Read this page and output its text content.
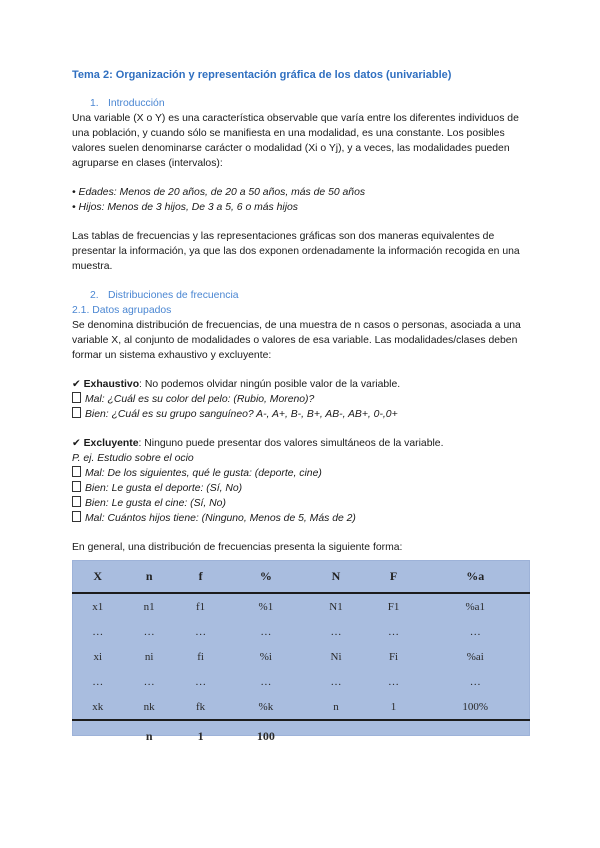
Tema 2: Organización y representación gráfica de los datos (univariable)

1. Introducción

Una variable (X o Y) es una característica observable que varía entre los diferentes individuos de una población, y cuando sólo se manifiesta en una modalidad, es una constante. Los posibles valores suelen denominarse carácter o modalidad (Xi o Yj), y a veces, las modalidades pueden agruparse en clases (intervalos):

• Edades: Menos de 20 años, de 20 a 50 años, más de 50 años

• Hijos: Menos de 3 hijos, De 3 a 5, 6 o más hijos

Las tablas de frecuencias y las representaciones gráficas son dos maneras equivalentes de presentar la información, ya que las dos exponen ordenadamente la información recogida en una muestra.

2. Distribuciones de frecuencia

2.1. Datos agrupados

Se denomina distribución de frecuencias, de una muestra de n casos o personas, asociada a una variable X, al conjunto de modalidades o valores de esa variable. Las modalidades/clases deben formar un sistema exhaustivo y excluyente:

✔ Exhaustivo: No podemos olvidar ningún posible valor de la variable.

Mal: ¿Cuál es su color del pelo: (Rubio, Moreno)?

Bien: ¿Cuál es su grupo sanguíneo? A-, A+, B-, B+, AB-, AB+, 0-,0+

✔ Excluyente: Ninguno puede presentar dos valores simultáneos de la variable.

P. ej. Estudio sobre el ocio

Mal: De los siguientes, qué le gusta: (deporte, cine)

Bien: Le gusta el deporte: (Sí, No)

Bien: Le gusta el cine: (Sí, No)

Mal: Cuántos hijos tiene: (Ninguno, Menos de 5, Más de 2)

En general, una distribución de frecuencias presenta la siguiente forma:

X	n	f	%	N	F	%a
x1	n1	f1	%1	N1	F1	%a1
…	…	…	…	…	…	…
xi	ni	fi	%i	Ni	Fi	%ai
…	…	…	…	…	…	…
xk	nk	fk	%k	n	1	100%
	n	1	100			
